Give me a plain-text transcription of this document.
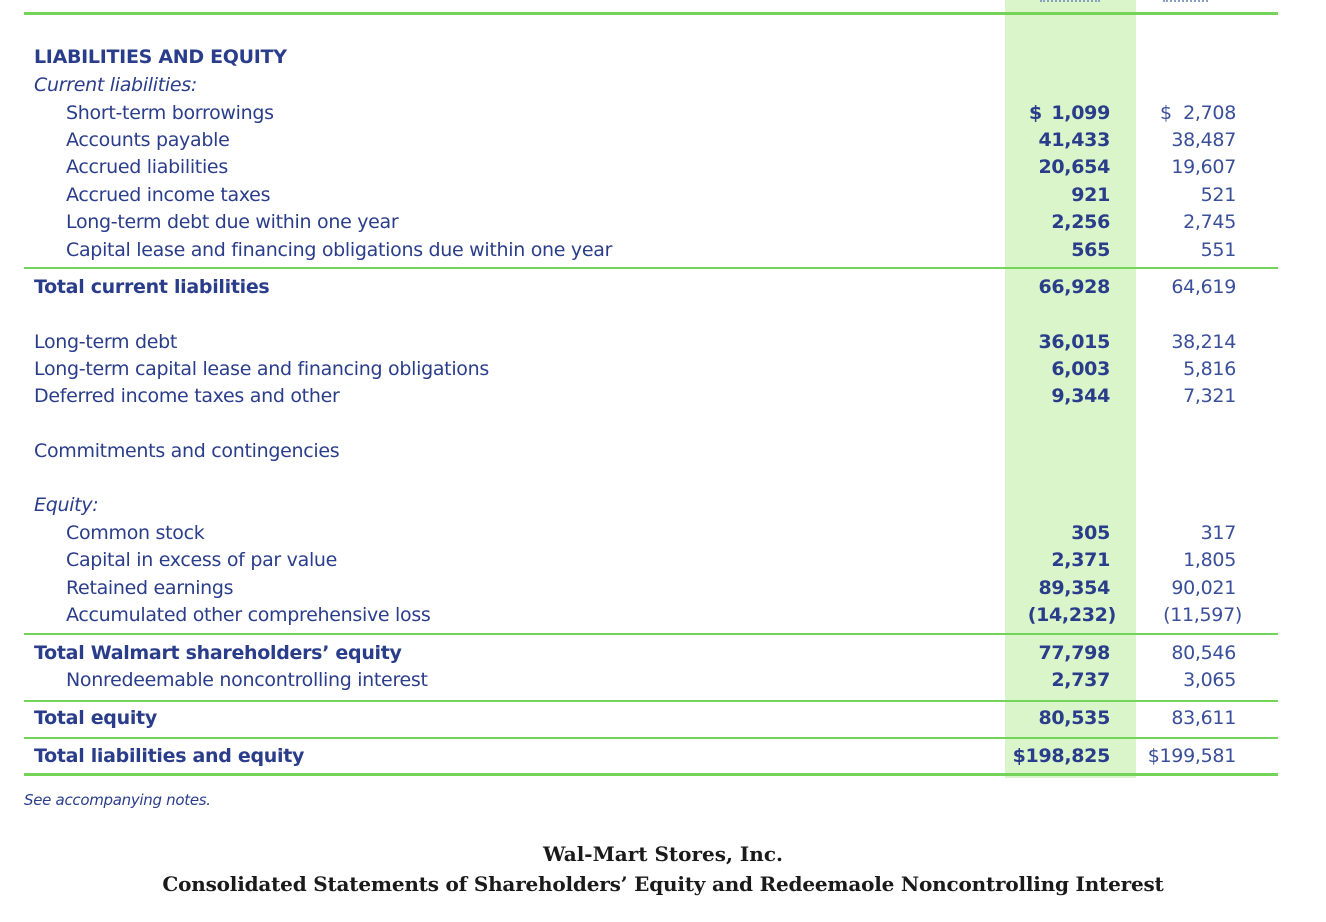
LIABILITIES AND EQUITY
Current liabilities:
Short-term borrowings	$ 1,099	$ 2,708
Accounts payable	41,433	38,487
Accrued liabilities	20,654	19,607
Accrued income taxes	921	521
Long-term debt due within one year	2,256	2,745
Capital lease and financing obligations due within one year	565	551
Total current liabilities	66,928	64,619
Long-term debt	36,015	38,214
Long-term capital lease and financing obligations	6,003	5,816
Deferred income taxes and other	9,344	7,321
Commitments and contingencies
Equity:
Common stock	305	317
Capital in excess of par value	2,371	1,805
Retained earnings	89,354	90,021
Accumulated other comprehensive loss	(14,232) (11,597)
Total Walmart shareholders’ equity	77,798	80,546
Nonredeemable noncontrolling interest	2,737	3,065
Total equity	80,535	83,611
Total liabilities and equity	$198,825 $199,581
See accompanying notes.
Wal-Mart Stores, Inc.
Consolidated Statements of Shareholders’ Equity and Redeemaole Noncontrolling Interest
